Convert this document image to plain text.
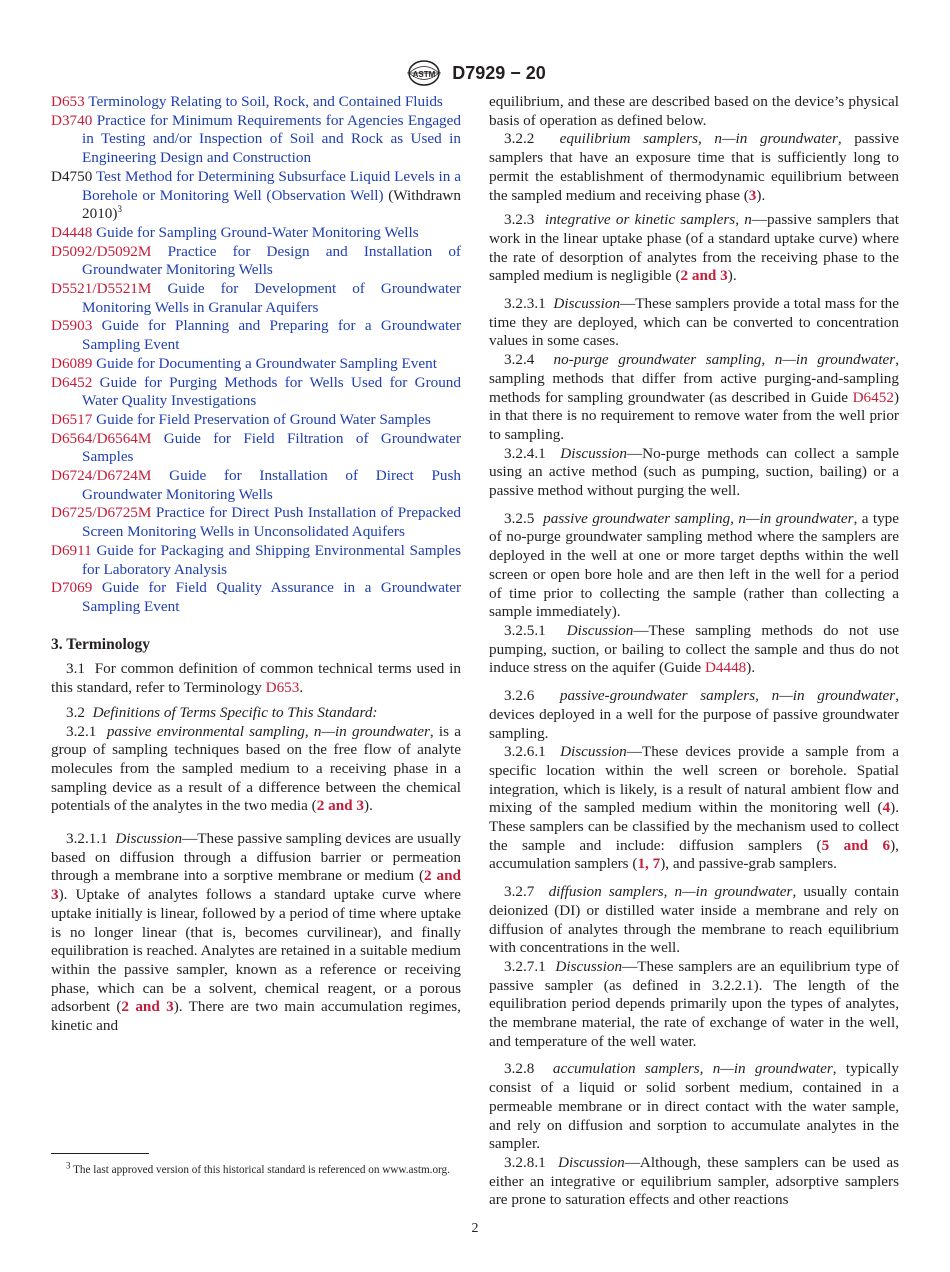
ASTM D7929 − 20

D653 Terminology Relating to Soil, Rock, and Contained Fluids

D3740 Practice for Minimum Requirements for Agencies Engaged in Testing and/or Inspection of Soil and Rock as Used in Engineering Design and Construction

D4750 Test Method for Determining Subsurface Liquid Levels in a Borehole or Monitoring Well (Observation Well) (Withdrawn 2010)$^3$

D4448 Guide for Sampling Ground-Water Monitoring Wells

D5092/D5092M Practice for Design and Installation of Groundwater Monitoring Wells

D5521/D5521M Guide for Development of Groundwater Monitoring Wells in Granular Aquifers

D5903 Guide for Planning and Preparing for a Groundwater Sampling Event

D6089 Guide for Documenting a Groundwater Sampling Event

D6452 Guide for Purging Methods for Wells Used for Ground Water Quality Investigations

D6517 Guide for Field Preservation of Ground Water Samples

D6564/D6564M Guide for Field Filtration of Groundwater Samples

D6724/D6724M Guide for Installation of Direct Push Groundwater Monitoring Wells

D6725/D6725M Practice for Direct Push Installation of Prepacked Screen Monitoring Wells in Unconsolidated Aquifers

D6911 Guide for Packaging and Shipping Environmental Samples for Laboratory Analysis

D7069 Guide for Field Quality Assurance in a Groundwater Sampling Event

3. Terminology

3.1 For common definition of common technical terms used in this standard, refer to Terminology D653.

3.2 Definitions of Terms Specific to This Standard:

3.2.1 passive environmental sampling, n—in groundwater, is a group of sampling techniques based on the free flow of analyte molecules from the sampled medium to a receiving phase in a sampling device as a result of a difference between the chemical potentials of the analytes in the two media (2 and 3).

3.2.1.1 Discussion—These passive sampling devices are usually based on diffusion through a diffusion barrier or permeation through a membrane into a sorptive membrane or medium (2 and 3). Uptake of analytes follows a standard uptake curve where uptake initially is linear, followed by a period of time where uptake is no longer linear (that is, becomes curvilinear), and finally equilibration is reached. Analytes are retained in a suitable medium within the passive sampler, known as a reference or receiving phase, which can be a solvent, chemical reagent, or a porous adsorbent (2 and 3). There are two main accumulation regimes, kinetic and

equilibrium, and these are described based on the device’s physical basis of operation as defined below.

3.2.2 equilibrium samplers, n—in groundwater, passive samplers that have an exposure time that is sufficiently long to permit the establishment of thermodynamic equilibrium between the sampled medium and receiving phase (3).

3.2.3 integrative or kinetic samplers, n—passive samplers that work in the linear uptake phase (of a standard uptake curve) where the rate of desorption of analytes from the receiving phase to the sampled medium is negligible (2 and 3).

3.2.3.1 Discussion—These samplers provide a total mass for the time they are deployed, which can be converted to concentration values in some cases.

3.2.4 no-purge groundwater sampling, n—in groundwater, sampling methods that differ from active purging-and-sampling methods for sampling groundwater (as described in Guide D6452) in that there is no requirement to remove water from the well prior to sampling.

3.2.4.1 Discussion—No-purge methods can collect a sample using an active method (such as pumping, suction, bailing) or a passive method without purging the well.

3.2.5 passive groundwater sampling, n—in groundwater, a type of no-purge groundwater sampling method where the samplers are deployed in the well at one or more target depths within the well screen or open bore hole and are then left in the well for a period of time prior to collecting the sample (rather than collecting a sample immediately).

3.2.5.1 Discussion—These sampling methods do not use pumping, suction, or bailing to collect the sample and thus do not induce stress on the aquifer (Guide D4448).

3.2.6 passive-groundwater samplers, n—in groundwater, devices deployed in a well for the purpose of passive groundwater sampling.

3.2.6.1 Discussion—These devices provide a sample from a specific location within the well screen or borehole. Spatial integration, which is likely, is a result of natural ambient flow and mixing of the sampled medium within the monitoring well (4). These samplers can be classified by the mechanism used to collect the sample and include: diffusion samplers (5 and 6), accumulation samplers (1, 7), and passive-grab samplers.

3.2.7 diffusion samplers, n—in groundwater, usually contain deionized (DI) or distilled water inside a membrane and rely on diffusion of analytes through the membrane to reach equilibrium with concentrations in the well.

3.2.7.1 Discussion—These samplers are an equilibrium type of passive sampler (as defined in 3.2.2.1). The length of the equilibration period depends primarily upon the types of analytes, the membrane material, the rate of exchange of water in the well, and temperature of the well water.

3.2.8 accumulation samplers, n—in groundwater, typically consist of a liquid or solid sorbent medium, contained in a permeable membrane or in direct contact with the water sample, and rely on diffusion and sorption to accumulate analytes in the sampler.

3.2.8.1 Discussion—Although, these samplers can be used as either an integrative or equilibrium sampler, adsorptive samplers are prone to saturation effects and other reactions

$^3$ The last approved version of this historical standard is referenced on www.astm.org.
2
